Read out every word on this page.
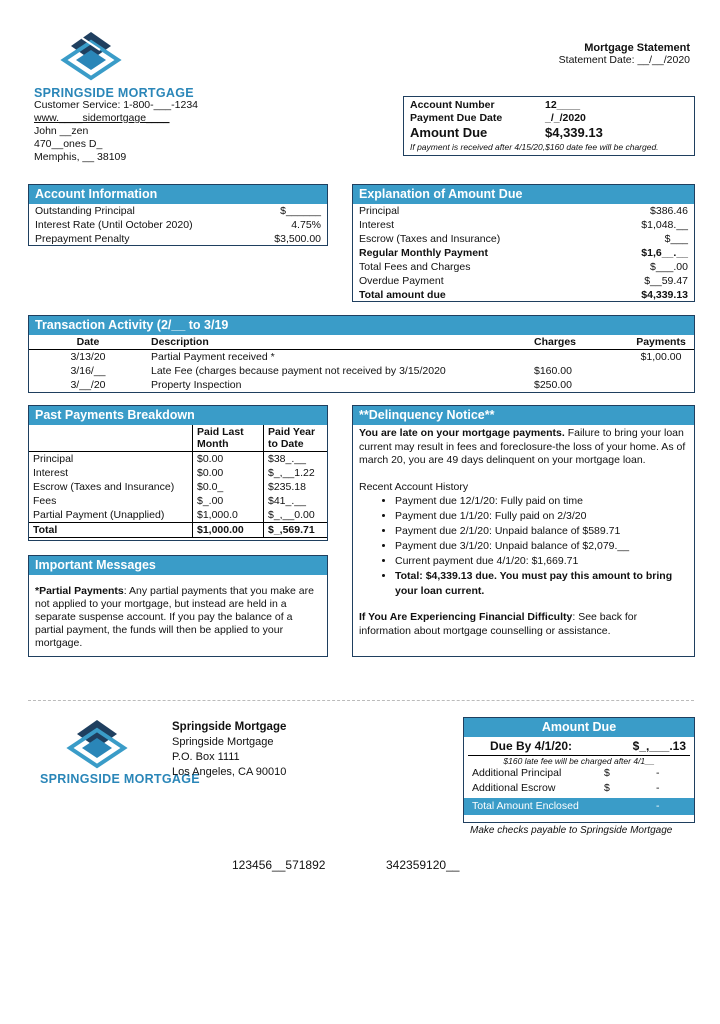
SPRINGSIDE MORTGAGE
Customer Service: 1-800-___-1234
www.____sidemortgage____
John __zen
470__ones D_
Memphis, __ 38109
Mortgage Statement
Statement Date: __/__/2020
Account Number	12____
Payment Due Date	_/_/2020
Amount Due	$4,339.13
If payment is received after 4/15/20,$160 date fee will be charged.
Account Information
Outstanding Principal	$______
Interest Rate (Until October 2020)	4.75%
Prepayment Penalty	$3,500.00
Explanation of Amount Due
Principal	$386.46
Interest	$1,048.__
Escrow (Taxes and Insurance)	$___
Regular Monthly Payment	$1,6__.__
Total Fees and Charges	$___.00
Overdue Payment	$__59.47
Total amount due	$4,339.13
Transaction Activity (2/__ to 3/19
Date	Description	Charges	Payments
3/13/20	Partial Payment received *		$1,00.00
3/16/__	Late Fee (charges because payment not received by 3/15/2020	$160.00	
3/__/20	Property Inspection	$250.00	
Past Payments Breakdown
	Paid Last Month	Paid Year to Date
Principal	$0.00	$38_.__
Interest	$0.00	$_,__1.22
Escrow (Taxes and Insurance)	$0.0_	$235.18
Fees	$_.00	$41_.__
Partial Payment (Unapplied)	$1,000.0	$_,__0.00
Total	$1,000.00	$_,569.71
Important Messages
*Partial Payments: Any partial payments that you make are not applied to your mortgage, but instead are held in a separate suspense account. If you pay the balance of a partial payment, the funds will then be applied to your mortgage.
**Delinquency Notice**
You are late on your mortgage payments. Failure to bring your loan current may result in fees and foreclosure-the loss of your home. As of march 20, you are 49 days delinquent on your mortgage loan.
Recent Account History
• Payment due 12/1/20: Fully paid on time
• Payment due 1/1/20: Fully paid on 2/3/20
• Payment due 2/1/20: Unpaid balance of $589.71
• Payment due 3/1/20: Unpaid balance of $2,079.__
• Current payment due 4/1/20: $1,669.71
• Total: $4,339.13 due. You must pay this amount to bring your loan current.
If You Are Experiencing Financial Difficulty: See back for information about mortgage counselling or assistance.
SPRINGSIDE MORTGAGE
Springside Mortgage
Springside Mortgage
P.O. Box 1111
Los Angeles, CA 90010
Amount Due
Due By 4/1/20:	$_,___.13
$160 late fee will be charged after 4/1__
Additional Principal	$	-
Additional Escrow	$	-
Total Amount Enclosed	-
Make checks payable to Springside Mortgage
123456__571892	342359120__
